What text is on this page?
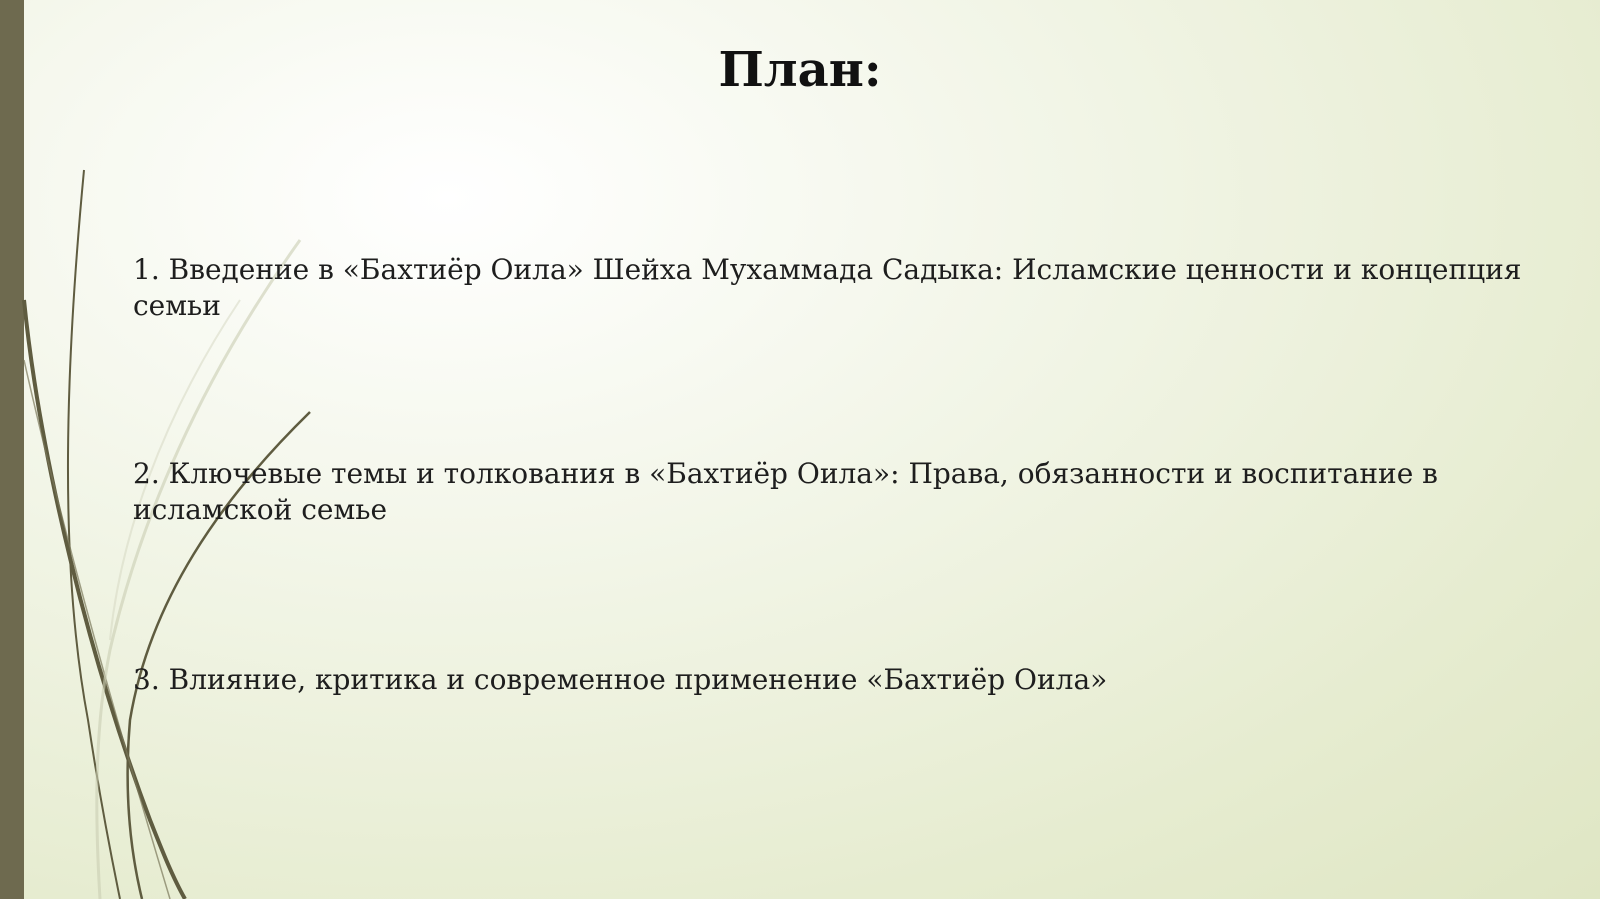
План:
1. Введение в «Бахтиёр Оила» Шейха Мухаммада Садыка: Исламские ценности и концепция семьи
2. Ключевые темы и толкования в «Бахтиёр Оила»: Права, обязанности и воспитание в исламской семье
3. Влияние, критика и современное применение «Бахтиёр Оила»
